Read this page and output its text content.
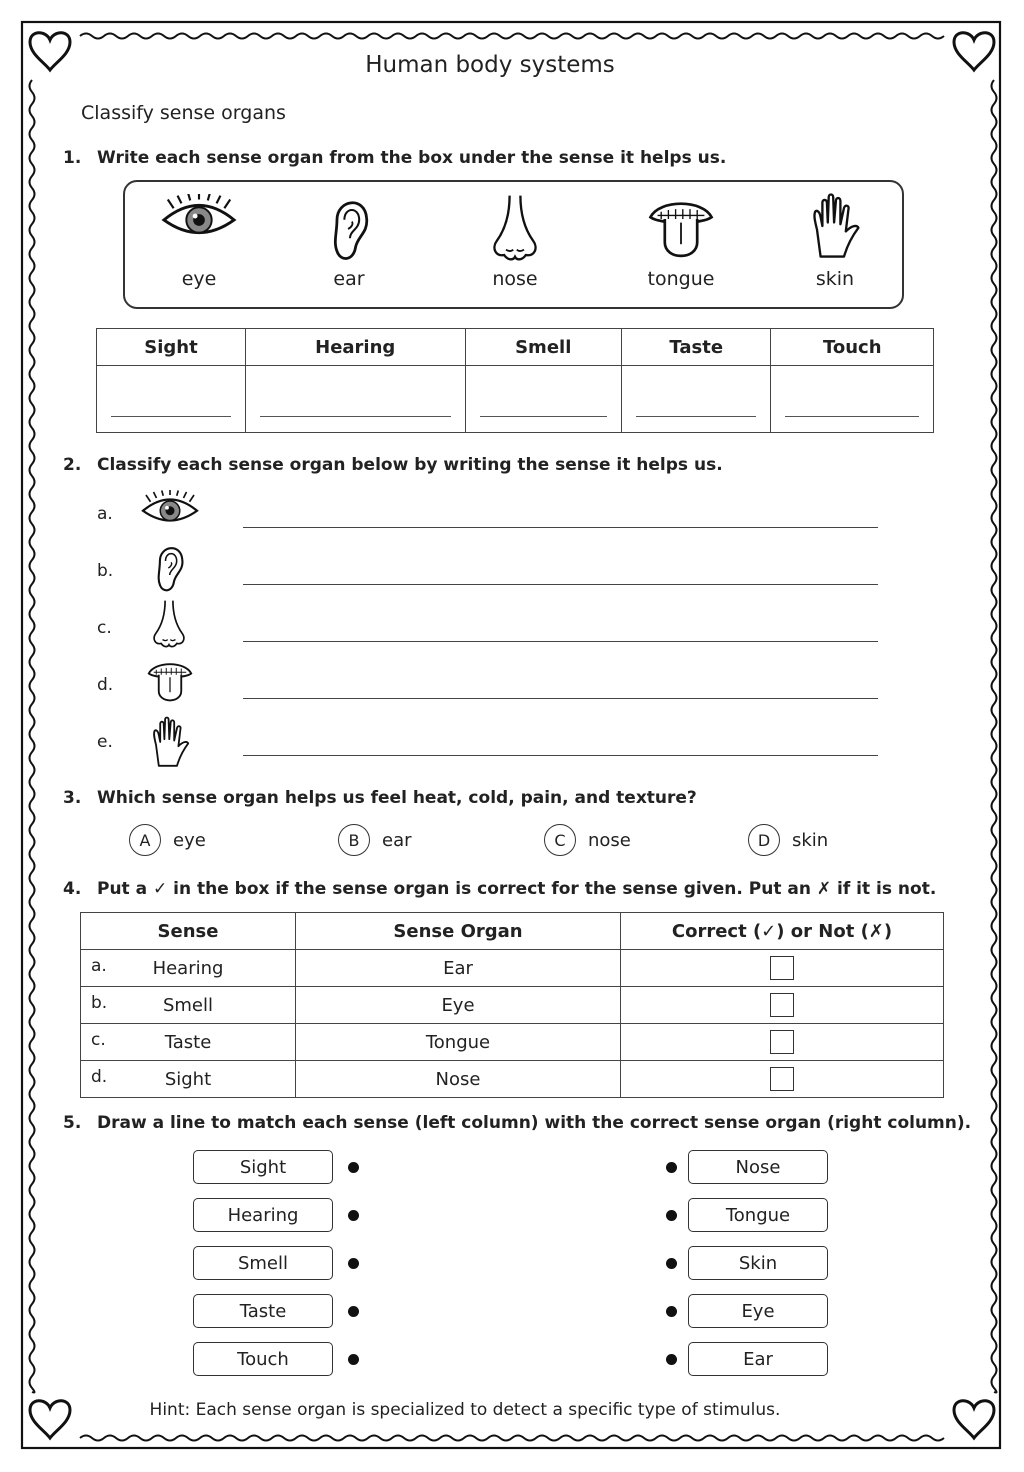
Human body systems
Classify sense organs
1. Write each sense organ from the box under the sense it helps us.
eye	ear	nose	tongue	skin
Sight	Hearing	Smell	Taste	Touch

2. Classify each sense organ below by writing the sense it helps us.
a.
b.
c.
d.
e.
3. Which sense organ helps us feel heat, cold, pain, and texture?
A	eye	B	ear	C	nose	D	skin
4. Put a ✓ in the box if the sense organ is correct for the sense given. Put an ✗ if it is not.
Sense	Sense Organ	Correct (✓) or Not (✗)

a. Hearing	Ear	

b. Smell	Eye	

c. Taste	Tongue	

d. Sight	Nose	
5. Draw a line to match each sense (left column) with the correct sense organ (right column).
Sight
Hearing
Smell
Taste
Touch
Nose
Tongue
Skin
Eye
Ear
Hint: Each sense organ is specialized to detect a specific type of stimulus.
